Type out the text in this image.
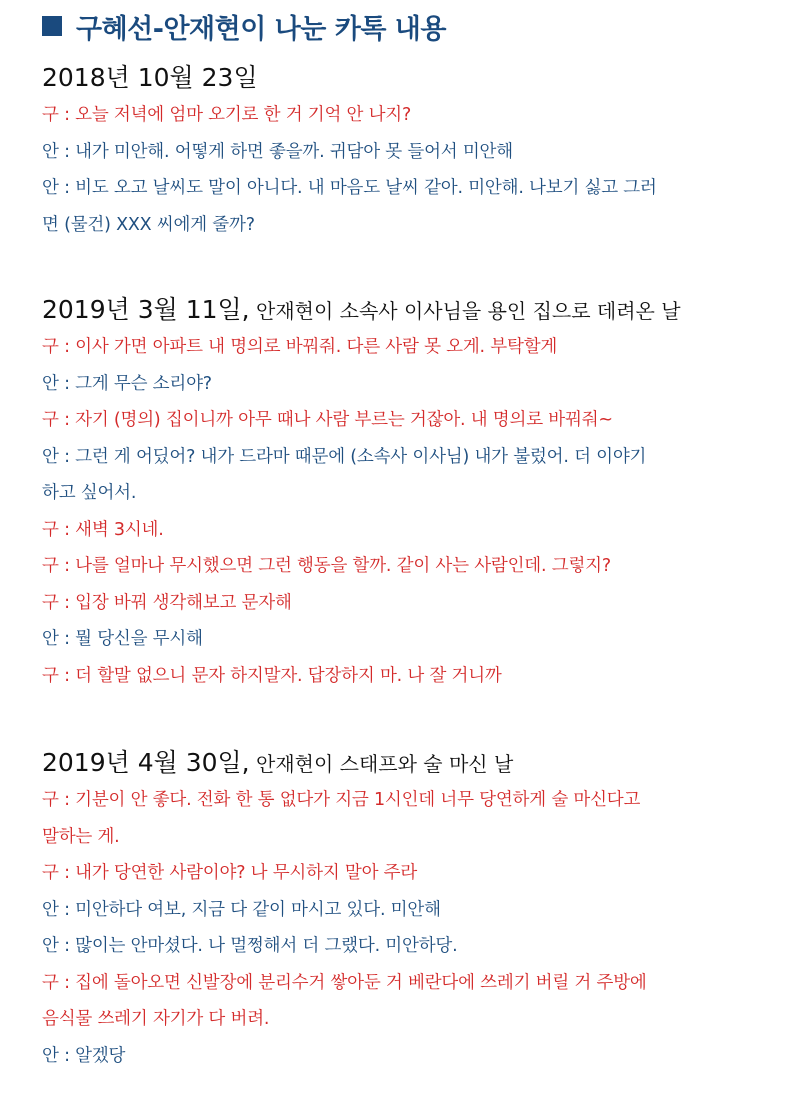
구혜선-안재현이 나눈 카톡 내용
2018년 10월 23일
구 : 오늘 저녁에 엄마 오기로 한 거 기억 안 나지?
안 : 내가 미안해. 어떻게 하면 좋을까. 귀담아 못 들어서 미안해
안 : 비도 오고 날씨도 말이 아니다. 내 마음도 날씨 같아. 미안해. 나보기 싫고 그러
면 (물건) XXX 씨에게 줄까?
2019년 3월 11일, 안재현이 소속사 이사님을 용인 집으로 데려온 날
구 : 이사 가면 아파트 내 명의로 바꿔줘. 다른 사람 못 오게. 부탁할게
안 : 그게 무슨 소리야?
구 : 자기 (명의) 집이니까 아무 때나 사람 부르는 거잖아. 내 명의로 바꿔줘~
안 : 그런 게 어딨어? 내가 드라마 때문에 (소속사 이사님) 내가 불렀어. 더 이야기
하고 싶어서.
구 : 새벽 3시네.
구 : 나를 얼마나 무시했으면 그런 행동을 할까. 같이 사는 사람인데. 그렇지?
구 : 입장 바꿔 생각해보고 문자해
안 : 뭘 당신을 무시해
구 : 더 할말 없으니 문자 하지말자. 답장하지 마. 나 잘 거니까
2019년 4월 30일, 안재현이 스태프와 술 마신 날
구 : 기분이 안 좋다. 전화 한 통 없다가 지금 1시인데 너무 당연하게 술 마신다고
말하는 게.
구 : 내가 당연한 사람이야? 나 무시하지 말아 주라
안 : 미안하다 여보, 지금 다 같이 마시고 있다. 미안해
안 : 많이는 안마셨다. 나 멀쩡해서 더 그랬다. 미안하당.
구 : 집에 돌아오면 신발장에 분리수거 쌓아둔 거 베란다에 쓰레기 버릴 거 주방에
음식물 쓰레기 자기가 다 버려.
안 : 알겠당
